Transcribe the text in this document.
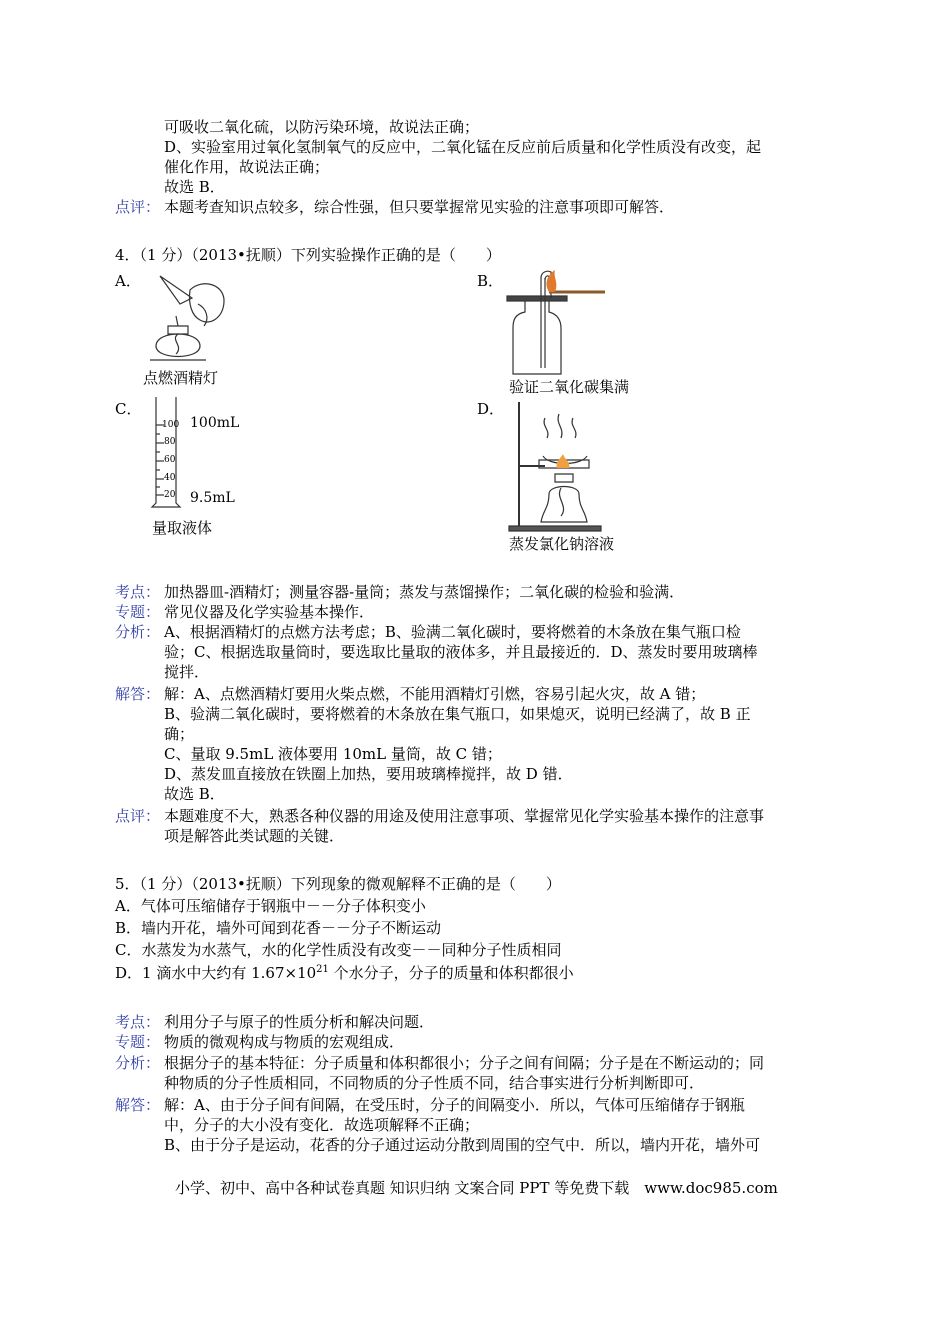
可吸收二氧化硫，以防污染环境，故说法正确；
D、实验室用过氧化氢制氧气的反应中，二氧化锰在反应前后质量和化学性质没有改变，起
催化作用，故说法正确；
故选 B．
点评： 本题考查知识点较多，综合性强，但只要掌握常见实验的注意事项即可解答．
4．（1 分）（2013•抚顺）下列实验操作正确的是（　　）
A．
点燃酒精灯
B．
验证二氧化碳集满
C．
100
80
60
40
20
100mL
9.5mL
量取液体
D．
蒸发氯化钠溶液
考点： 加热器皿-酒精灯；测量容器-量筒；蒸发与蒸馏操作；二氧化碳的检验和验满．
专题： 常见仪器及化学实验基本操作．
分析： A、根据酒精灯的点燃方法考虑；B、验满二氧化碳时，要将燃着的木条放在集气瓶口检
验；C、根据选取量筒时，要选取比量取的液体多，并且最接近的．D、蒸发时要用玻璃棒
搅拌．
解答： 解：A、点燃酒精灯要用火柴点燃，不能用酒精灯引燃，容易引起火灾，故 A 错；
B、验满二氧化碳时，要将燃着的木条放在集气瓶口，如果熄灭，说明已经满了，故 B 正
确；
C、量取 9.5mL 液体要用 10mL 量筒，故 C 错；
D、蒸发皿直接放在铁圈上加热，要用玻璃棒搅拌，故 D 错．
故选 B．
点评： 本题难度不大，熟悉各种仪器的用途及使用注意事项、掌握常见化学实验基本操作的注意事
项是解答此类试题的关键．
5．（1 分）（2013•抚顺）下列现象的微观解释不正确的是（　　）
A．气体可压缩储存于钢瓶中－－分子体积变小
B．墙内开花，墙外可闻到花香－－分子不断运动
C．水蒸发为水蒸气，水的化学性质没有改变－－同种分子性质相同
D．1 滴水中大约有 $1.67\times 10^{21}$ 个水分子，分子的质量和体积都很小
考点： 利用分子与原子的性质分析和解决问题．
专题： 物质的微观构成与物质的宏观组成．
分析： 根据分子的基本特征：分子质量和体积都很小；分子之间有间隔；分子是在不断运动的；同
种物质的分子性质相同，不同物质的分子性质不同，结合事实进行分析判断即可．
解答： 解：A、由于分子间有间隔，在受压时，分子的间隔变小．所以，气体可压缩储存于钢瓶
中，分子的大小没有变化．故选项解释不正确；
B、由于分子是运动，花香的分子通过运动分散到周围的空气中．所以，墙内开花，墙外可
小学、初中、高中各种试卷真题 知识归纳 文案合同 PPT 等免费下载　www.doc985.com
